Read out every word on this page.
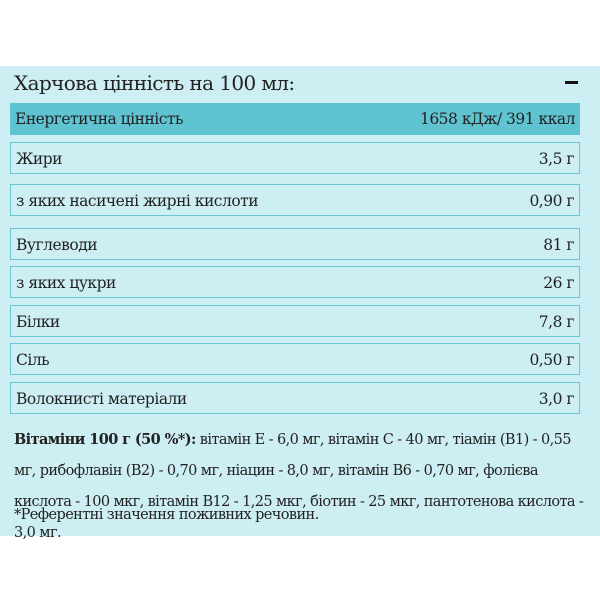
Харчова цінність на 100 мл:
Енергетична цінність	1658 кДж/ 391 ккал
Жири	3,5 г
з яких насичені жирні кислоти	0,90 г
Вуглеводи	81 г
з яких цукри	26 г
Білки	7,8 г
Сіль	0,50 г
Волокнисті матеріали	3,0 г
Вітаміни 100 г (50 %*): вітамін Е - 6,0 мг, вітамін С - 40 мг, тіамін (В1) - 0,55 мг, рибофлавін (В2) - 0,70 мг, ніацин - 8,0 мг, вітамін В6 - 0,70 мг, фолієва кислота - 100 мкг, вітамін В12 - 1,25 мкг, біотин - 25 мкг, пантотенова кислота - 3,0 мг.
*Референтні значення поживних речовин.
